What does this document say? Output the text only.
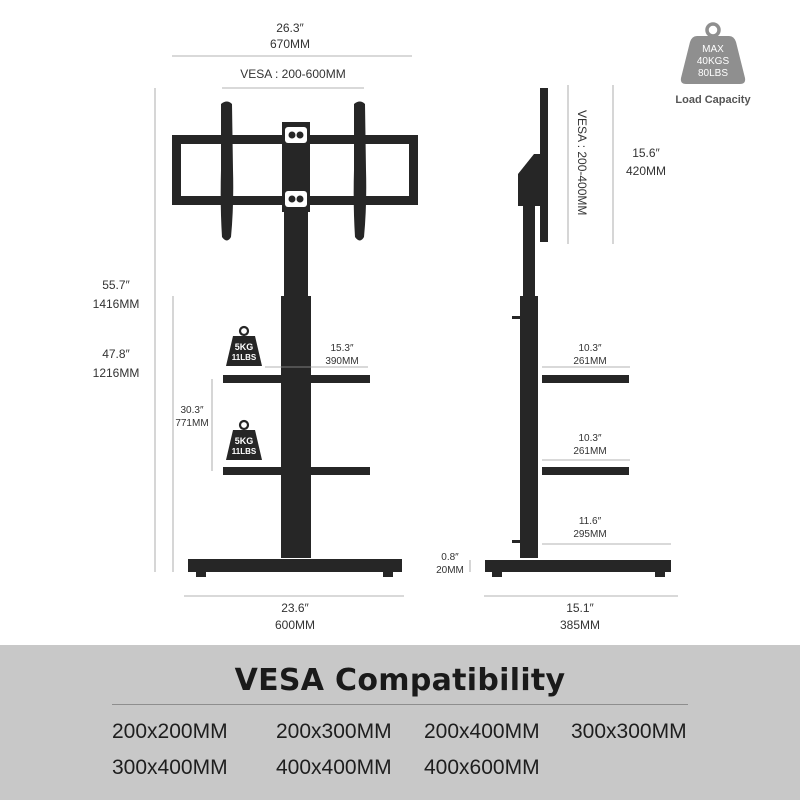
26.3″
670MM
VESA : 200-600MM
15.3″
390MM
5KG
11LBS
5KG
11LBS
23.6″
600MM
55.7″
1416MM
47.8″
1216MM
30.3″
771MM
VESA : 200-400MM	15.6″
420MM
10.3″
261MM
10.3″
261MM
11.6″
295MM
0.8″
20MM
15.1″
385MM
MAX
40KGS
80LBS
Load Capacity
VESA Compatibility
200x200MM 200x300MM 200x400MM 300x300MM
300x400MM 400x400MM 400x600MM
